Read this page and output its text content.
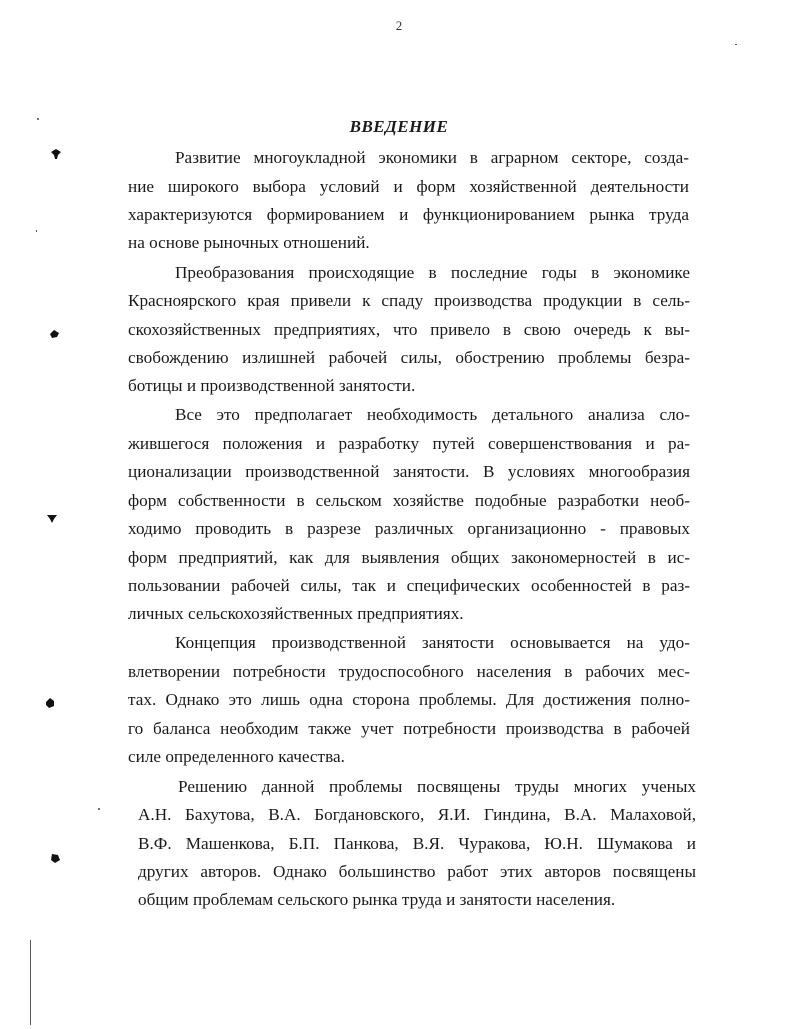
2
ВВЕДЕНИЕ
Развитие многоукладной экономики в аграрном секторе, созда-
ние широкого выбора условий и форм хозяйственной деятельности
характеризуются формированием и функционированием рынка труда
на основе рыночных отношений.
Преобразования происходящие в последние годы в экономике
Красноярского края привели к спаду производства продукции в сель-
скохозяйственных предприятиях, что привело в свою очередь к вы-
свобождению излишней рабочей силы, обострению проблемы безра-
ботицы и производственной занятости.
Все это предполагает необходимость детального анализа сло-
жившегося положения и разработку путей совершенствования и ра-
ционализации производственной занятости. В условиях многообразия
форм собственности в сельском хозяйстве подобные разработки необ-
ходимо проводить в разрезе различных организационно - правовых
форм предприятий, как для выявления общих закономерностей в ис-
пользовании рабочей силы, так и специфических особенностей в раз-
личных сельскохозяйственных предприятиях.
Концепция производственной занятости основывается на удо-
влетворении потребности трудоспособного населения в рабочих мес-
тах. Однако это лишь одна сторона проблемы. Для достижения полно-
го баланса необходим также учет потребности производства в рабочей
силе определенного качества.
Решению данной проблемы посвящены труды многих ученых
А.Н. Бахутова, В.А. Богдановского, Я.И. Гиндина, В.А. Малаховой,
В.Ф. Машенкова, Б.П. Панкова, В.Я. Чуракова, Ю.Н. Шумакова и
других авторов. Однако большинство работ этих авторов посвящены
общим проблемам сельского рынка труда и занятости населения.
